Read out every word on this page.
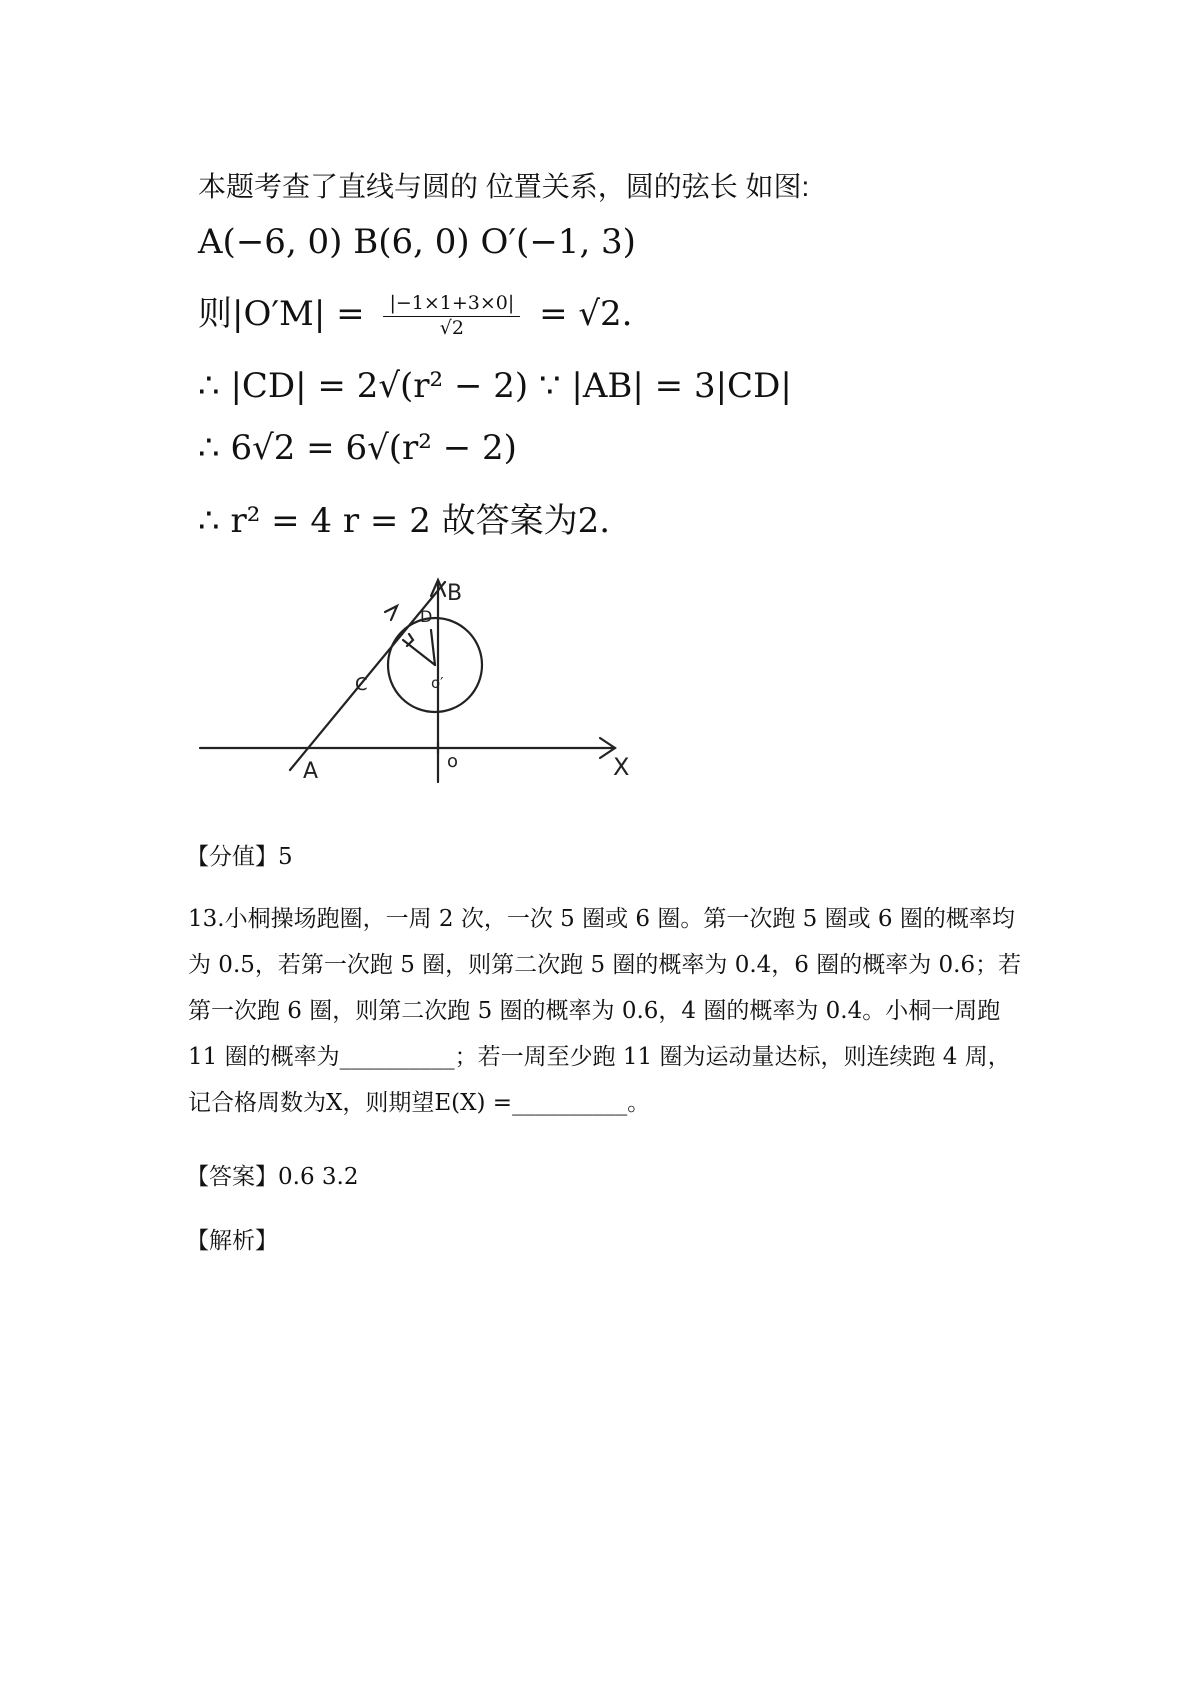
本题考查了直线与圆的 位置关系，圆的弦长 如图:
A(−6, 0) B(6, 0) O′(−1, 3)
则$|O'M| = \frac{|-1\times 1+3\times 0|}{√2} = √2$.
∴ |CD| = 2√(r² − 2) ∵ |AB| = 3|CD|
∴ 6√2 = 6√(r² − 2)
∴ r² = 4 r = 2 故答案为2.
B
A	o	X
o′
C
D
【分值】5
13.小桐操场跑圈，一周 2 次，一次 5 圈或 6 圈。第一次跑 5 圈或 6 圈的概率均
为 0.5，若第一次跑 5 圈，则第二次跑 5 圈的概率为 0.4，6 圈的概率为 0.6；若
第一次跑 6 圈，则第二次跑 5 圈的概率为 0.6，4 圈的概率为 0.4。小桐一周跑
11 圈的概率为__________；若一周至少跑 11 圈为运动量达标，则连续跑 4 周，
记合格周数为X，则期望E(X) =__________。
【答案】0.6 3.2
【解析】
